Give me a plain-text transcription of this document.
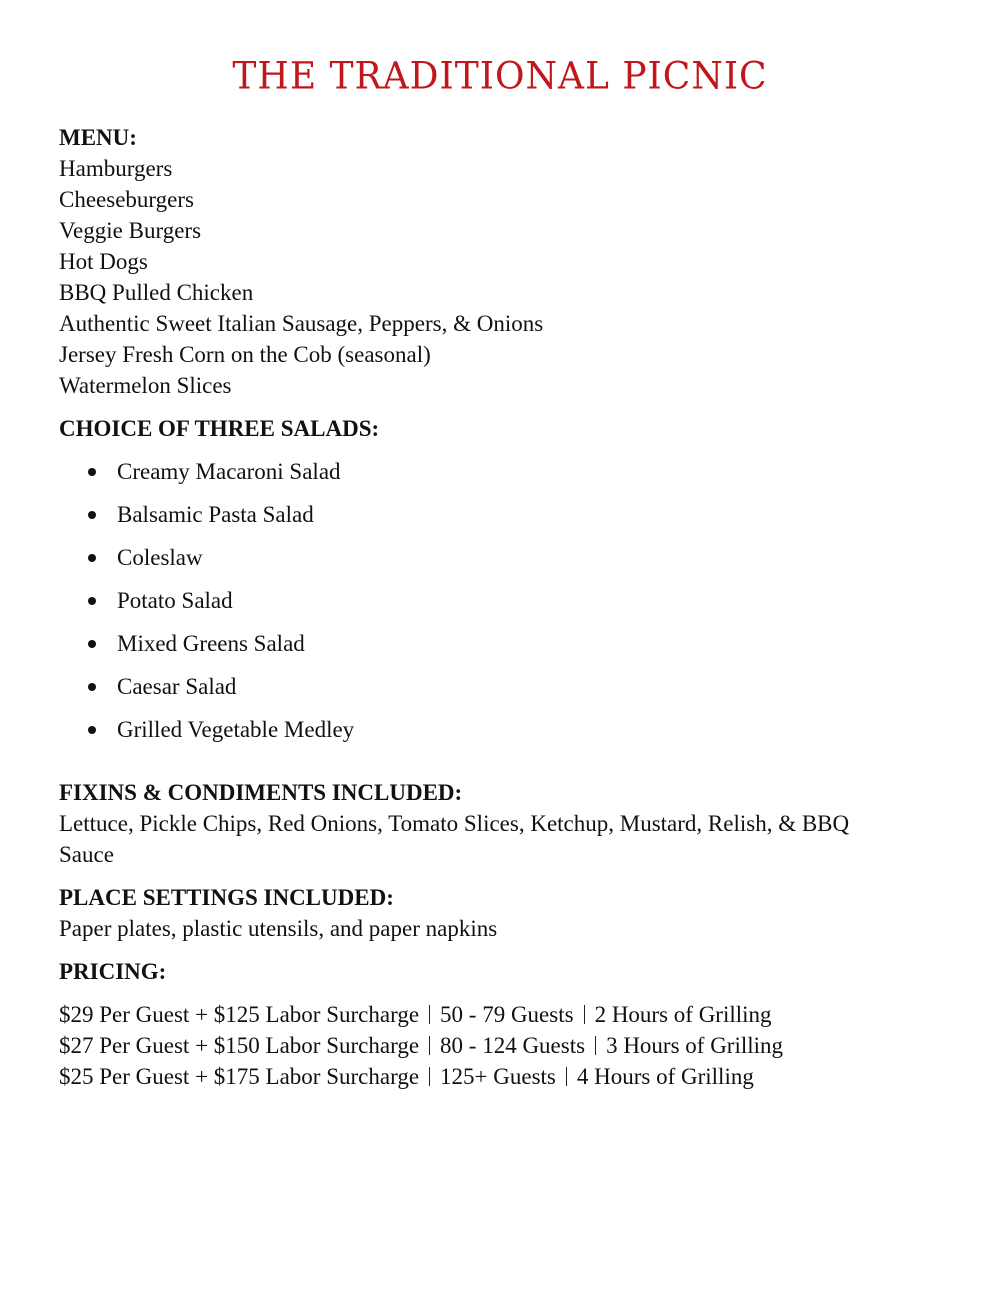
THE TRADITIONAL PICNIC

MENU:

Hamburgers
Cheeseburgers
Veggie Burgers
Hot Dogs
BBQ Pulled Chicken
Authentic Sweet Italian Sausage, Peppers, & Onions
Jersey Fresh Corn on the Cob (seasonal)
Watermelon Slices

CHOICE OF THREE SALADS:

Creamy Macaroni Salad
Balsamic Pasta Salad
Coleslaw
Potato Salad
Mixed Greens Salad
Caesar Salad
Grilled Vegetable Medley

FIXINS & CONDIMENTS INCLUDED:

Lettuce, Pickle Chips, Red Onions, Tomato Slices, Ketchup, Mustard, Relish, & BBQ

Sauce

PLACE SETTINGS INCLUDED:

Paper plates, plastic utensils, and paper napkins

PRICING:

$29 Per Guest + $125 Labor Surcharge 50 - 79 Guests 2 Hours of Grilling
$27 Per Guest + $150 Labor Surcharge 80 - 124 Guests 3 Hours of Grilling
$25 Per Guest + $175 Labor Surcharge 125+ Guests 4 Hours of Grilling
